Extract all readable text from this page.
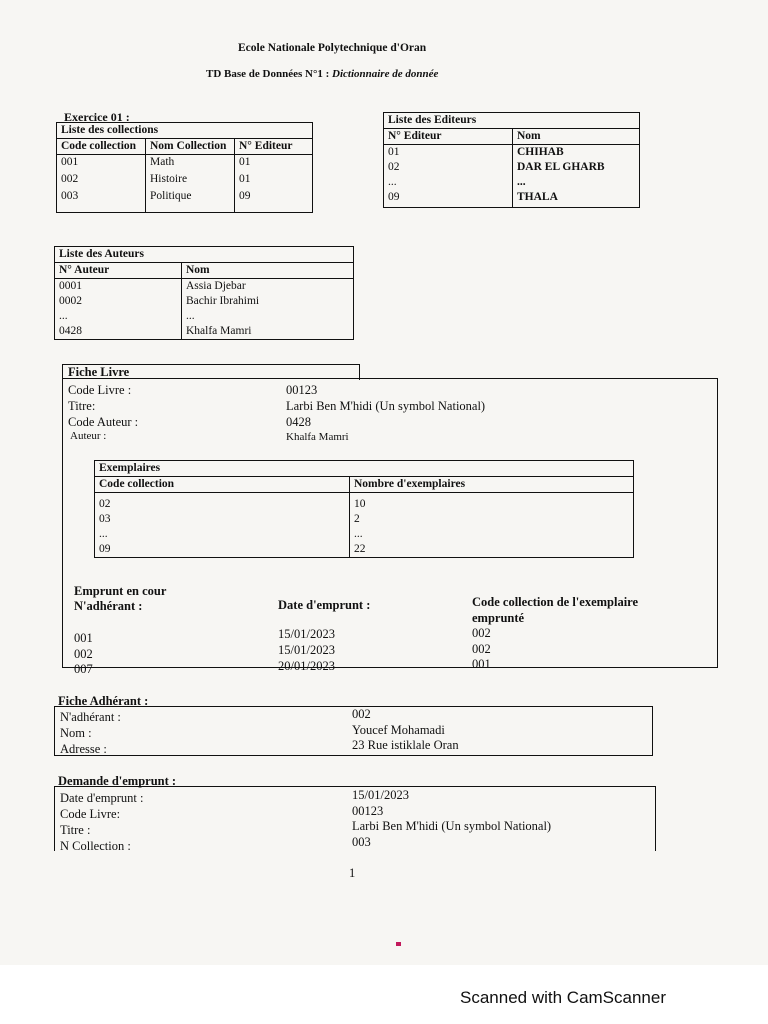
Ecole Nationale Polytechnique d'Oran
TD Base de Données N°1 : Dictionnaire de donnée
Exercice 01 :
Liste des collections		
Code collection	Nom Collection	N° Editeur
001	Math	01
002	Histoire	01
003	Politique	09
Liste des Editeurs	
N° Editeur	Nom
01	CHIHAB
02	DAR EL GHARB
...	...
09	THALA
Liste des Auteurs	
N° Auteur	Nom
0001	Assia Djebar
0002	Bachir Ibrahimi
...	...
0428	Khalfa Mamri
Fiche Livre
Code Livre :	00123
Titre:	Larbi Ben M'hidi (Un symbol National)
Code Auteur :	0428
Auteur :	Khalfa Mamri
Exemplaires	
Code collection	Nombre d'exemplaires
02	10
03	2
...	...
09	22
Emprunt en cour
N'adhérant :	Date d'emprunt :	Code collection de l'exemplaire
emprunté
001	15/01/2023	002
002	15/01/2023	002
007	20/01/2023	001
Fiche Adhérant :
N'adhérant :	002
Nom :	Youcef Mohamadi
Adresse :	23 Rue istiklale Oran
Demande d'emprunt :
Date d'emprunt :	15/01/2023
Code Livre:	00123
Titre :	Larbi Ben M'hidi (Un symbol National)
N Collection :	003
1
Scanned with CamScanner
